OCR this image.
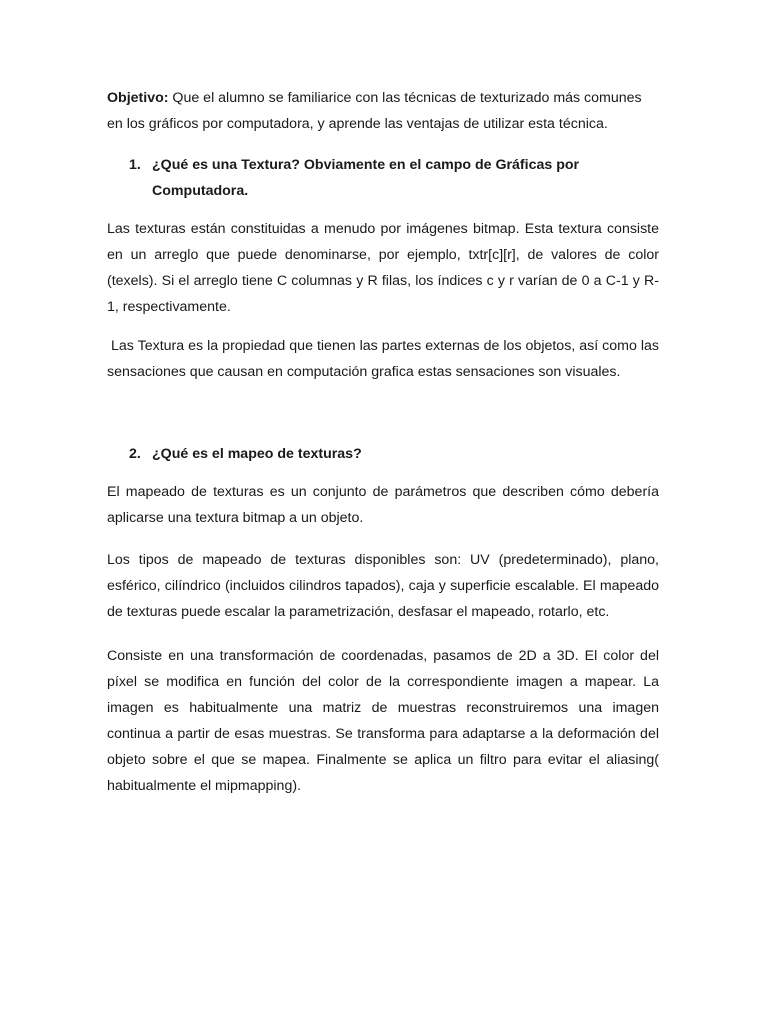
Objetivo: Que el alumno se familiarice con las técnicas de texturizado más comunes en los gráficos por computadora, y aprende las ventajas de utilizar esta técnica.

1. ¿Qué es una Textura? Obviamente en el campo de Gráficas por Computadora.

Las texturas están constituidas a menudo por imágenes bitmap. Esta textura consiste en un arreglo que puede denominarse, por ejemplo, txtr[c][r], de valores de color (texels). Si el arreglo tiene C columnas y R filas, los índices c y r varían de 0 a C-1 y R-1, respectivamente.

Las Textura es la propiedad que tienen las partes externas de los objetos, así como las sensaciones que causan en computación grafica estas sensaciones son visuales.

2. ¿Qué es el mapeo de texturas?

El mapeado de texturas es un conjunto de parámetros que describen cómo debería aplicarse una textura bitmap a un objeto.

Los tipos de mapeado de texturas disponibles son: UV (predeterminado), plano, esférico, cilíndrico (incluidos cilindros tapados), caja y superficie escalable. El mapeado de texturas puede escalar la parametrización, desfasar el mapeado, rotarlo, etc.

Consiste en una transformación de coordenadas, pasamos de 2D a 3D. El color del píxel se modifica en función del color de la correspondiente imagen a mapear. La imagen es habitualmente una matriz de muestras reconstruiremos una imagen continua a partir de esas muestras. Se transforma para adaptarse a la deformación del objeto sobre el que se mapea. Finalmente se aplica un filtro para evitar el aliasing( habitualmente el mipmapping).
